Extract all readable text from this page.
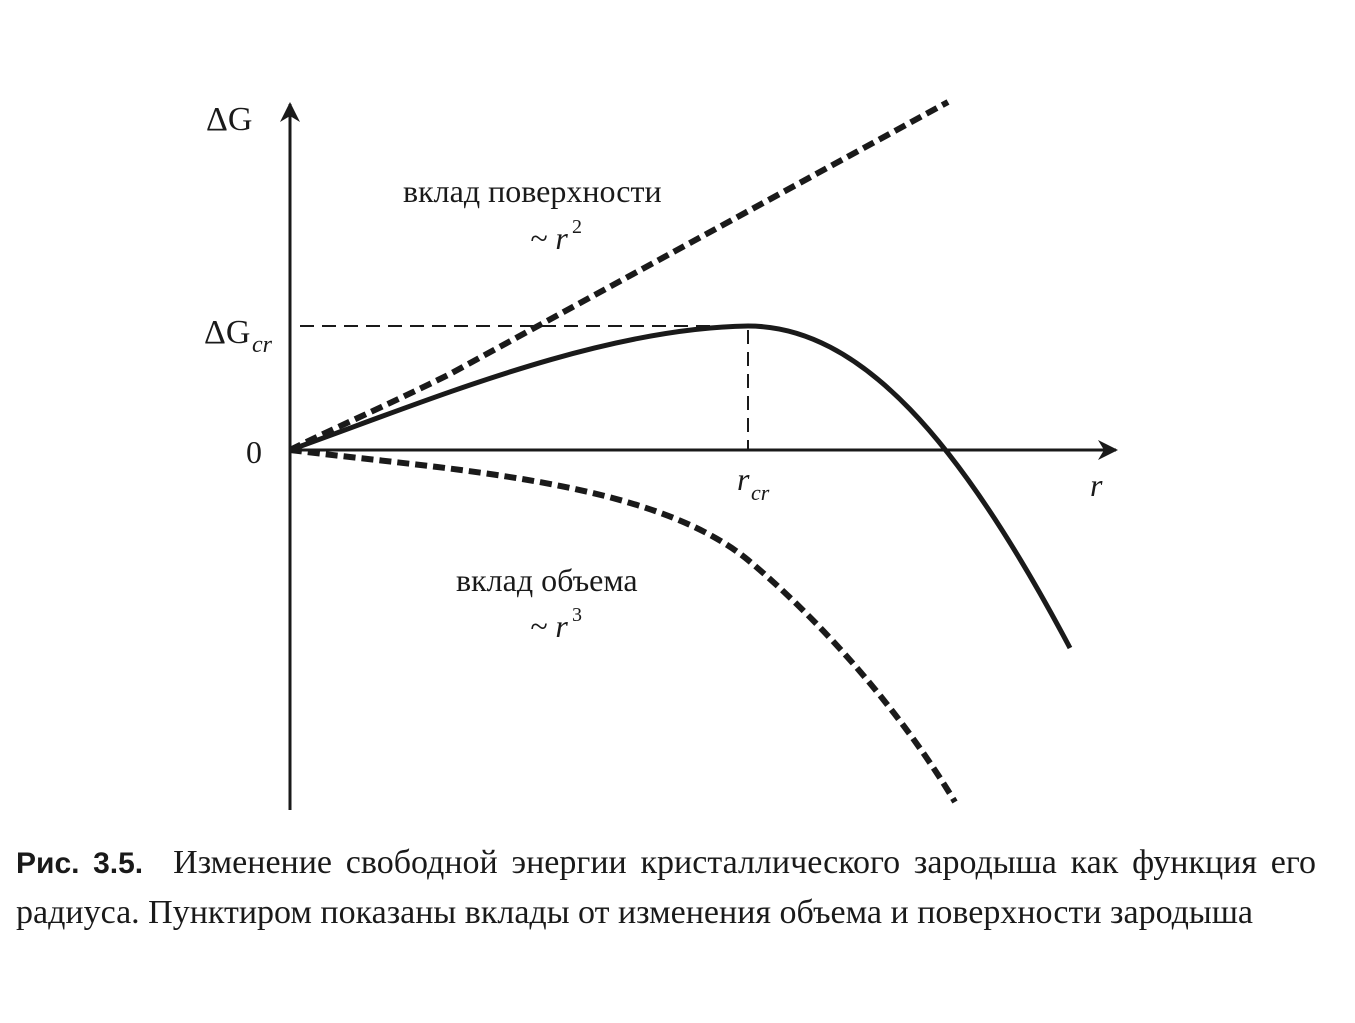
ΔG
r
0
ΔG cr
r cr
вклад поверхности
~ r 2
вклад объема
~ r 3
Рис. 3.5. Изменение свободной энергии кристаллического зародыша как функция его радиуса. Пунктиром показаны вклады от изменения объема и поверхности зародыша
